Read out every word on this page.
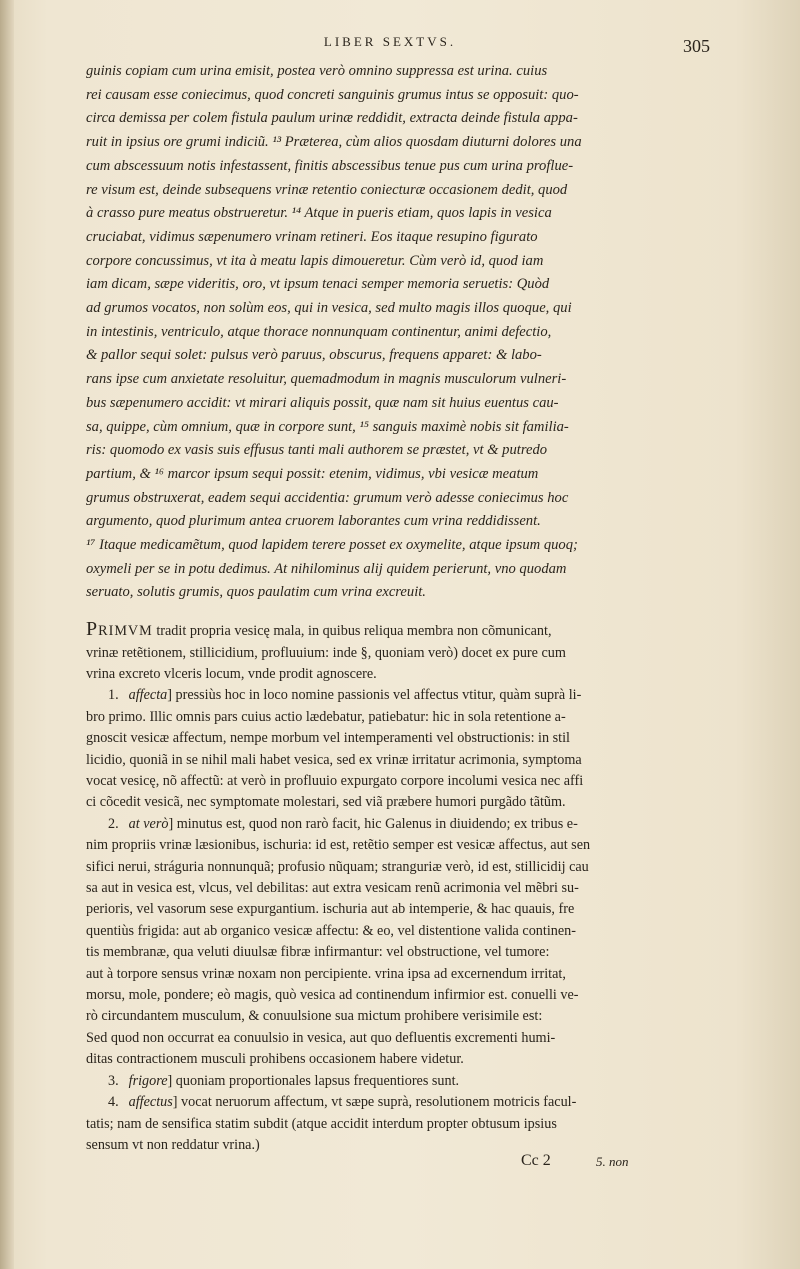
LIBER SEXTVS.	305

guinis copiam cum urina emisit, postea verò omnino suppressa est urina. cuius

rei causam esse coniecimus, quod concreti sanguinis grumus intus se opposuit: quo-

circa demissa per colem fistula paulum urinæ reddidit, extracta deinde fistula appa-

ruit in ipsius ore grumi indiciũ. ¹³ Præterea, cùm alios quosdam diuturni dolores una

cum abscessuum notis infestassent, finitis abscessibus tenue pus cum urina proflue-

re visum est, deinde subsequens vrinæ retentio coniecturæ occasionem dedit, quod

à crasso pure meatus obstrueretur. ¹⁴ Atque in pueris etiam, quos lapis in vesica

cruciabat, vidimus sæpenumero vrinam retineri. Eos itaque resupino figurato

corpore concussimus, vt ita à meatu lapis dimoueretur. Cùm verò id, quod iam

iam dicam, sæpe videritis, oro, vt ipsum tenaci semper memoria seruetis: Quòd

ad grumos vocatos, non solùm eos, qui in vesica, sed multo magis illos quoque, qui

in intestinis, ventriculo, atque thorace nonnunquam continentur, animi defectio,

& pallor sequi solet: pulsus verò paruus, obscurus, frequens apparet: & labo-

rans ipse cum anxietate resoluitur, quemadmodum in magnis musculorum vulneri-

bus sæpenumero accidit: vt mirari aliquis possit, quæ nam sit huius euentus cau-

sa, quippe, cùm omnium, quæ in corpore sunt, ¹⁵ sanguis maximè nobis sit familia-

ris: quomodo ex vasis suis effusus tanti mali authorem se præstet, vt & putredo

partium, & ¹⁶ marcor ipsum sequi possit: etenim, vidimus, vbi vesicæ meatum

grumus obstruxerat, eadem sequi accidentia: grumum verò adesse coniecimus hoc

argumento, quod plurimum antea cruorem laborantes cum vrina reddidissent.

¹⁷ Itaque medicamẽtum, quod lapidem terere posset ex oxymelite, atque ipsum quoq;

oxymeli per se in potu dedimus. At nihilominus alij quidem perierunt, vno quodam

seruato, solutis grumis, quos paulatim cum vrina excreuit.

PRIMVM tradit propria vesicę mala, in quibus reliqua membra non cõmunicant,
vrinæ retẽtionem, stillicidium, profluuium: inde §, quoniam verò) docet ex pure cum
vrina excreto vlceris locum, vnde prodit agnoscere.

1. affecta] pressiùs hoc in loco nomine passionis vel affectus vtitur, quàm suprà li-

bro primo. Illic omnis pars cuius actio lædebatur, patiebatur: hic in sola retentione a-

gnoscit vesicæ affectum, nempe morbum vel intemperamenti vel obstructionis: in stil

licidio, quoniã in se nihil mali habet vesica, sed ex vrinæ irritatur acrimonia, symptoma

vocat vesicę, nõ affectũ: at verò in profluuio expurgato corpore incolumi vesica nec affi

ci cõcedit vesicã, nec symptomate molestari, sed viã præbere humori purgãdo tãtũm.

2. at verò] minutus est, quod non rarò facit, hic Galenus in diuidendo; ex tribus e-

nim propriis vrinæ læsionibus, ischuria: id est, retẽtio semper est vesicæ affectus, aut sen

sifici nerui, stráguria nonnunquã; profusio nũquam; stranguriæ verò, id est, stillicidij cau

sa aut in vesica est, vlcus, vel debilitas: aut extra vesicam renũ acrimonia vel mẽbri su-

perioris, vel vasorum sese expurgantium. ischuria aut ab intemperie, & hac quauis, fre

quentiùs frigida: aut ab organico vesicæ affectu: & eo, vel distentione valida continen-

tis membranæ, qua veluti diuulsæ fibræ infirmantur: vel obstructione, vel tumore:

aut à torpore sensus vrinæ noxam non percipiente. vrina ipsa ad excernendum irritat,

morsu, mole, pondere; eò magis, quò vesica ad continendum infirmior est. conuelli ve-

rò circundantem musculum, & conuulsione sua mictum prohibere verisimile est:

Sed quod non occurrat ea conuulsio in vesica, aut quo defluentis excrementi humi-

ditas contractionem musculi prohibens occasionem habere videtur.

3. frigore] quoniam proportionales lapsus frequentiores sunt.

4. affectus] vocat neruorum affectum, vt sæpe suprà, resolutionem motricis facul-

tatis; nam de sensifica statim subdit (atque accidit interdum propter obtusum ipsius

sensum vt non reddatur vrina.)

Cc 2	5. non
